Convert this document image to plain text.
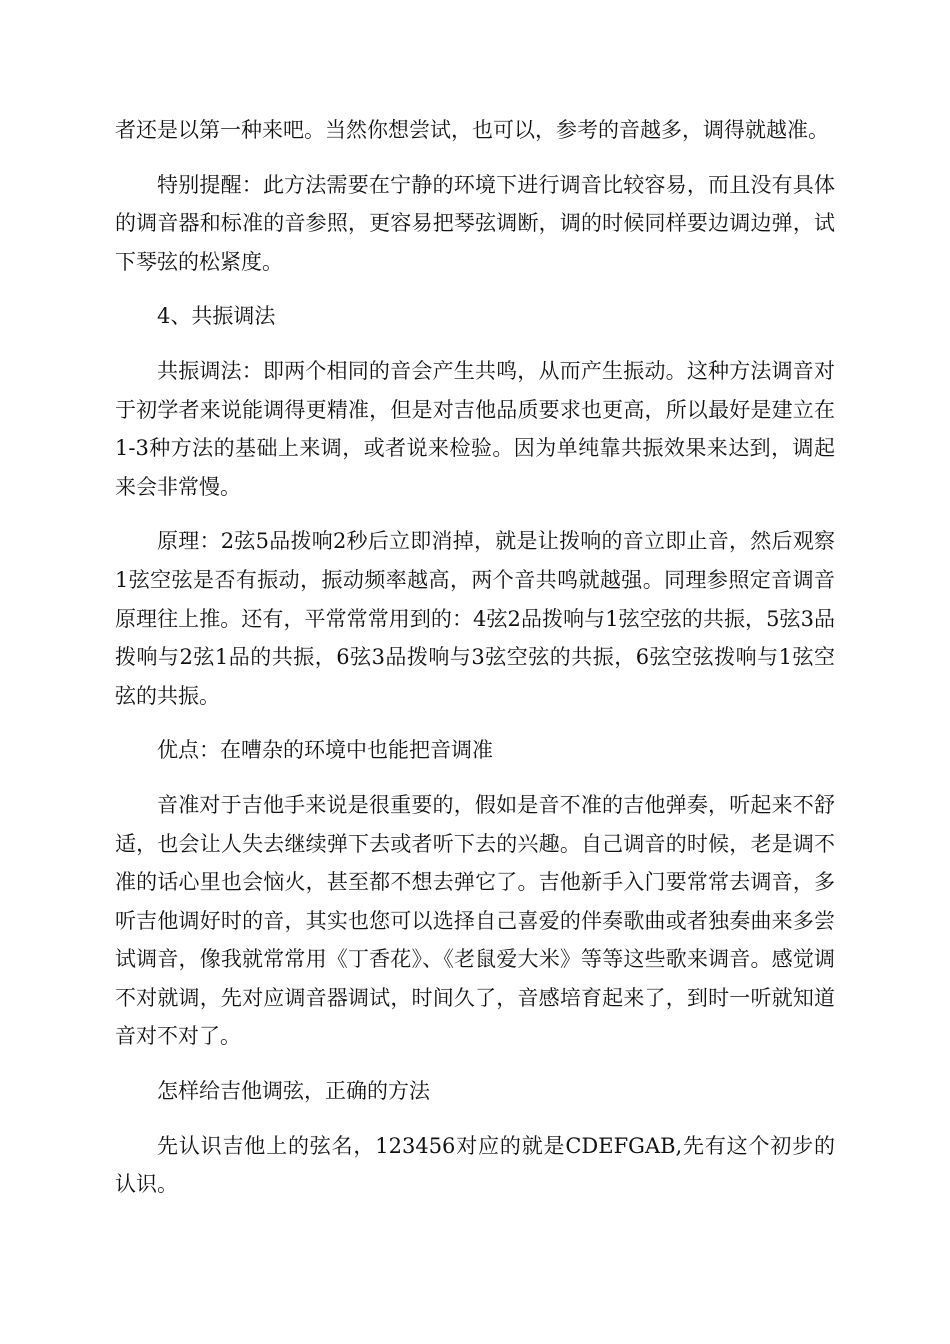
者还是以第一种来吧。当然你想尝试，也可以，参考的音越多，调得就越准。

特别提醒：此方法需要在宁静的环境下进行调音比较容易，而且没有具体的调音器和标准的音参照，更容易把琴弦调断，调的时候同样要边调边弹，试下琴弦的松紧度。

4、共振调法

共振调法：即两个相同的音会产生共鸣，从而产生振动。这种方法调音对于初学者来说能调得更精准，但是对吉他品质要求也更高，所以最好是建立在1-3种方法的基础上来调，或者说来检验。因为单纯靠共振效果来达到，调起来会非常慢。

原理：2弦5品拨响2秒后立即消掉，就是让拨响的音立即止音，然后观察1弦空弦是否有振动，振动频率越高，两个音共鸣就越强。同理参照定音调音原理往上推。还有，平常常常用到的：4弦2品拨响与1弦空弦的共振，5弦3品拨响与2弦1品的共振，6弦3品拨响与3弦空弦的共振，6弦空弦拨响与1弦空弦的共振。

优点：在嘈杂的环境中也能把音调准

音准对于吉他手来说是很重要的，假如是音不准的吉他弹奏，听起来不舒适，也会让人失去继续弹下去或者听下去的兴趣。自己调音的时候，老是调不准的话心里也会恼火，甚至都不想去弹它了。吉他新手入门要常常去调音，多听吉他调好时的音，其实也您可以选择自己喜爱的伴奏歌曲或者独奏曲来多尝试调音，像我就常常用《丁香花》、《老鼠爱大米》等等这些歌来调音。感觉调不对就调，先对应调音器调试，时间久了，音感培育起来了，到时一听就知道音对不对了。

怎样给吉他调弦，正确的方法

先认识吉他上的弦名，123456对应的就是CDEFGAB,先有这个初步的认识。
